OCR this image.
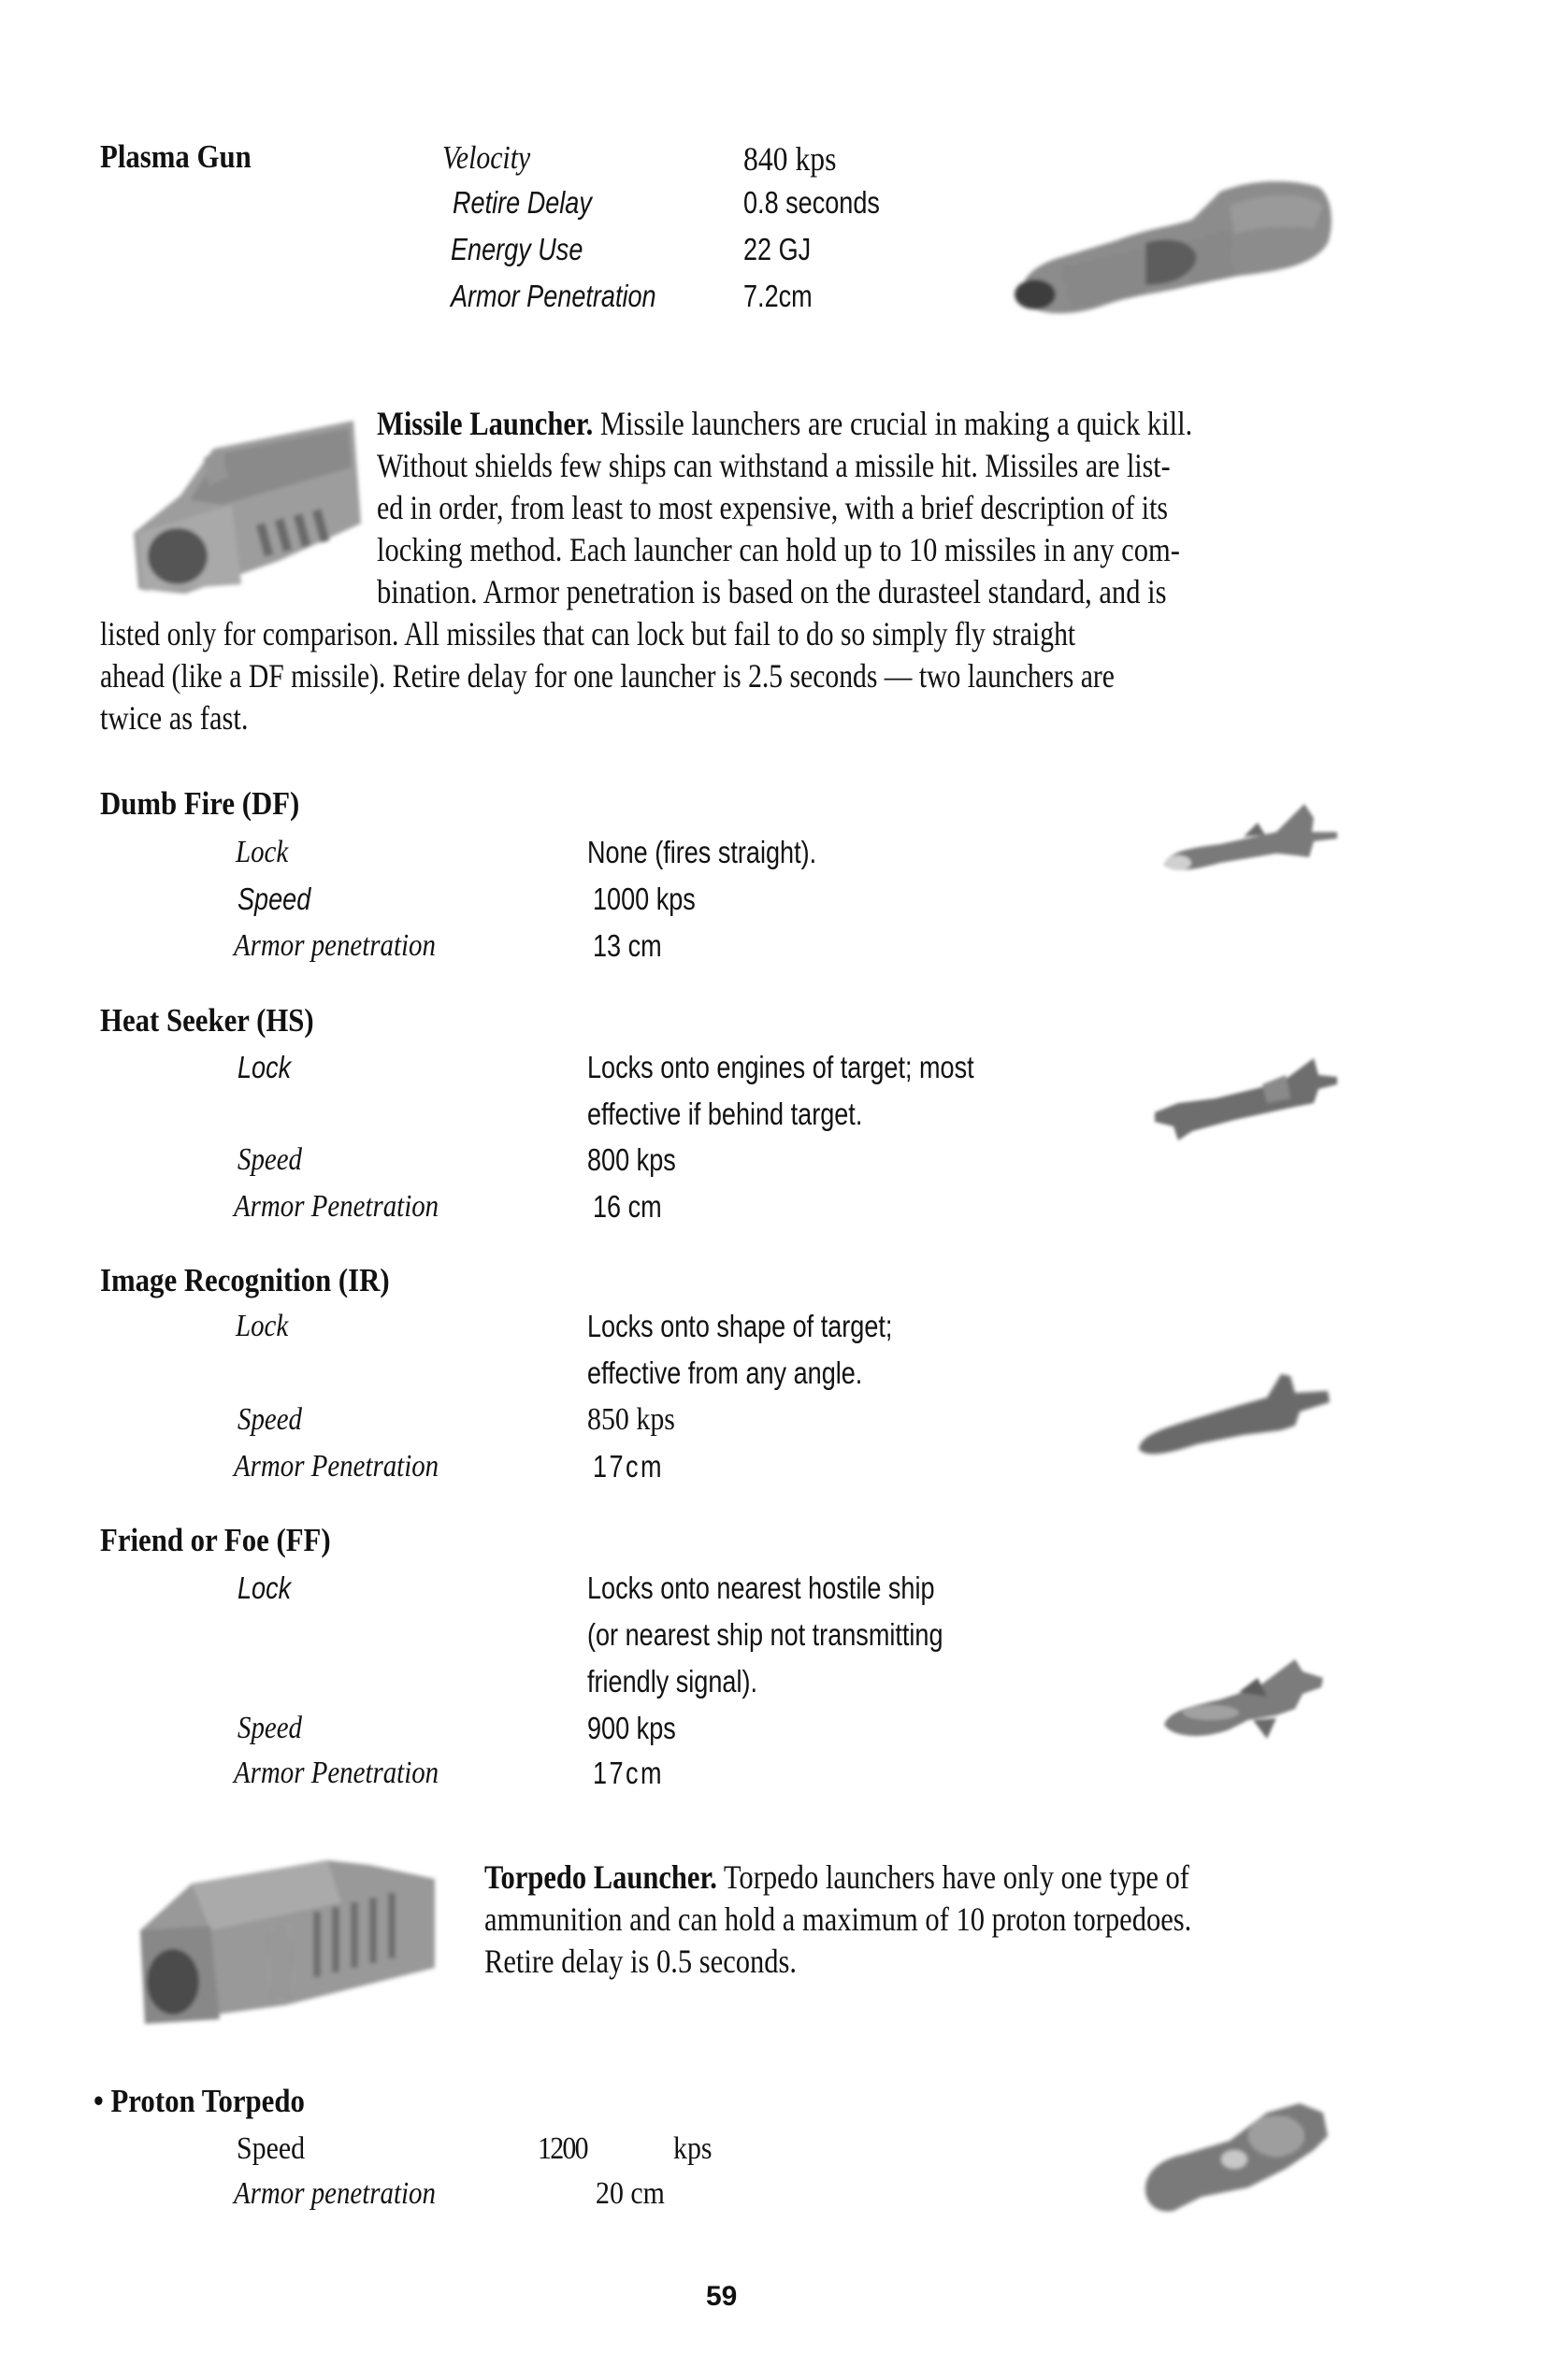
Plasma Gun	Velocity	840 kps
Retire Delay	0.8 seconds
Energy Use	22 GJ
Armor Penetration	7.2cm
Missile Launcher. Missile launchers are crucial in making a quick kill.
Without shields few ships can withstand a missile hit. Missiles are list-
ed in order, from least to most expensive, with a brief description of its
locking method. Each launcher can hold up to 10 missiles in any com-
bination. Armor penetration is based on the durasteel standard, and is
listed only for comparison. All missiles that can lock but fail to do so simply fly straight
ahead (like a DF missile). Retire delay for one launcher is 2.5 seconds — two launchers are
twice as fast.
Dumb Fire (DF)
Lock	None (fires straight).
Speed	1000 kps
Armor penetration	13 cm
Heat Seeker (HS)
Lock	Locks onto engines of target; most
effective if behind target.
Speed	800 kps
Armor Penetration	16 cm
Image Recognition (IR)
Lock	Locks onto shape of target;
effective from any angle.
Speed	850 kps
Armor Penetration	17cm
Friend or Foe (FF)
Lock	Locks onto nearest hostile ship
(or nearest ship not transmitting
friendly signal).
Speed	900 kps
Armor Penetration	17cm
Torpedo Launcher. Torpedo launchers have only one type of
ammunition and can hold a maximum of 10 proton torpedoes.
Retire delay is 0.5 seconds.
• Proton Torpedo
Speed	1200	kps
Armor penetration	20 cm
59
